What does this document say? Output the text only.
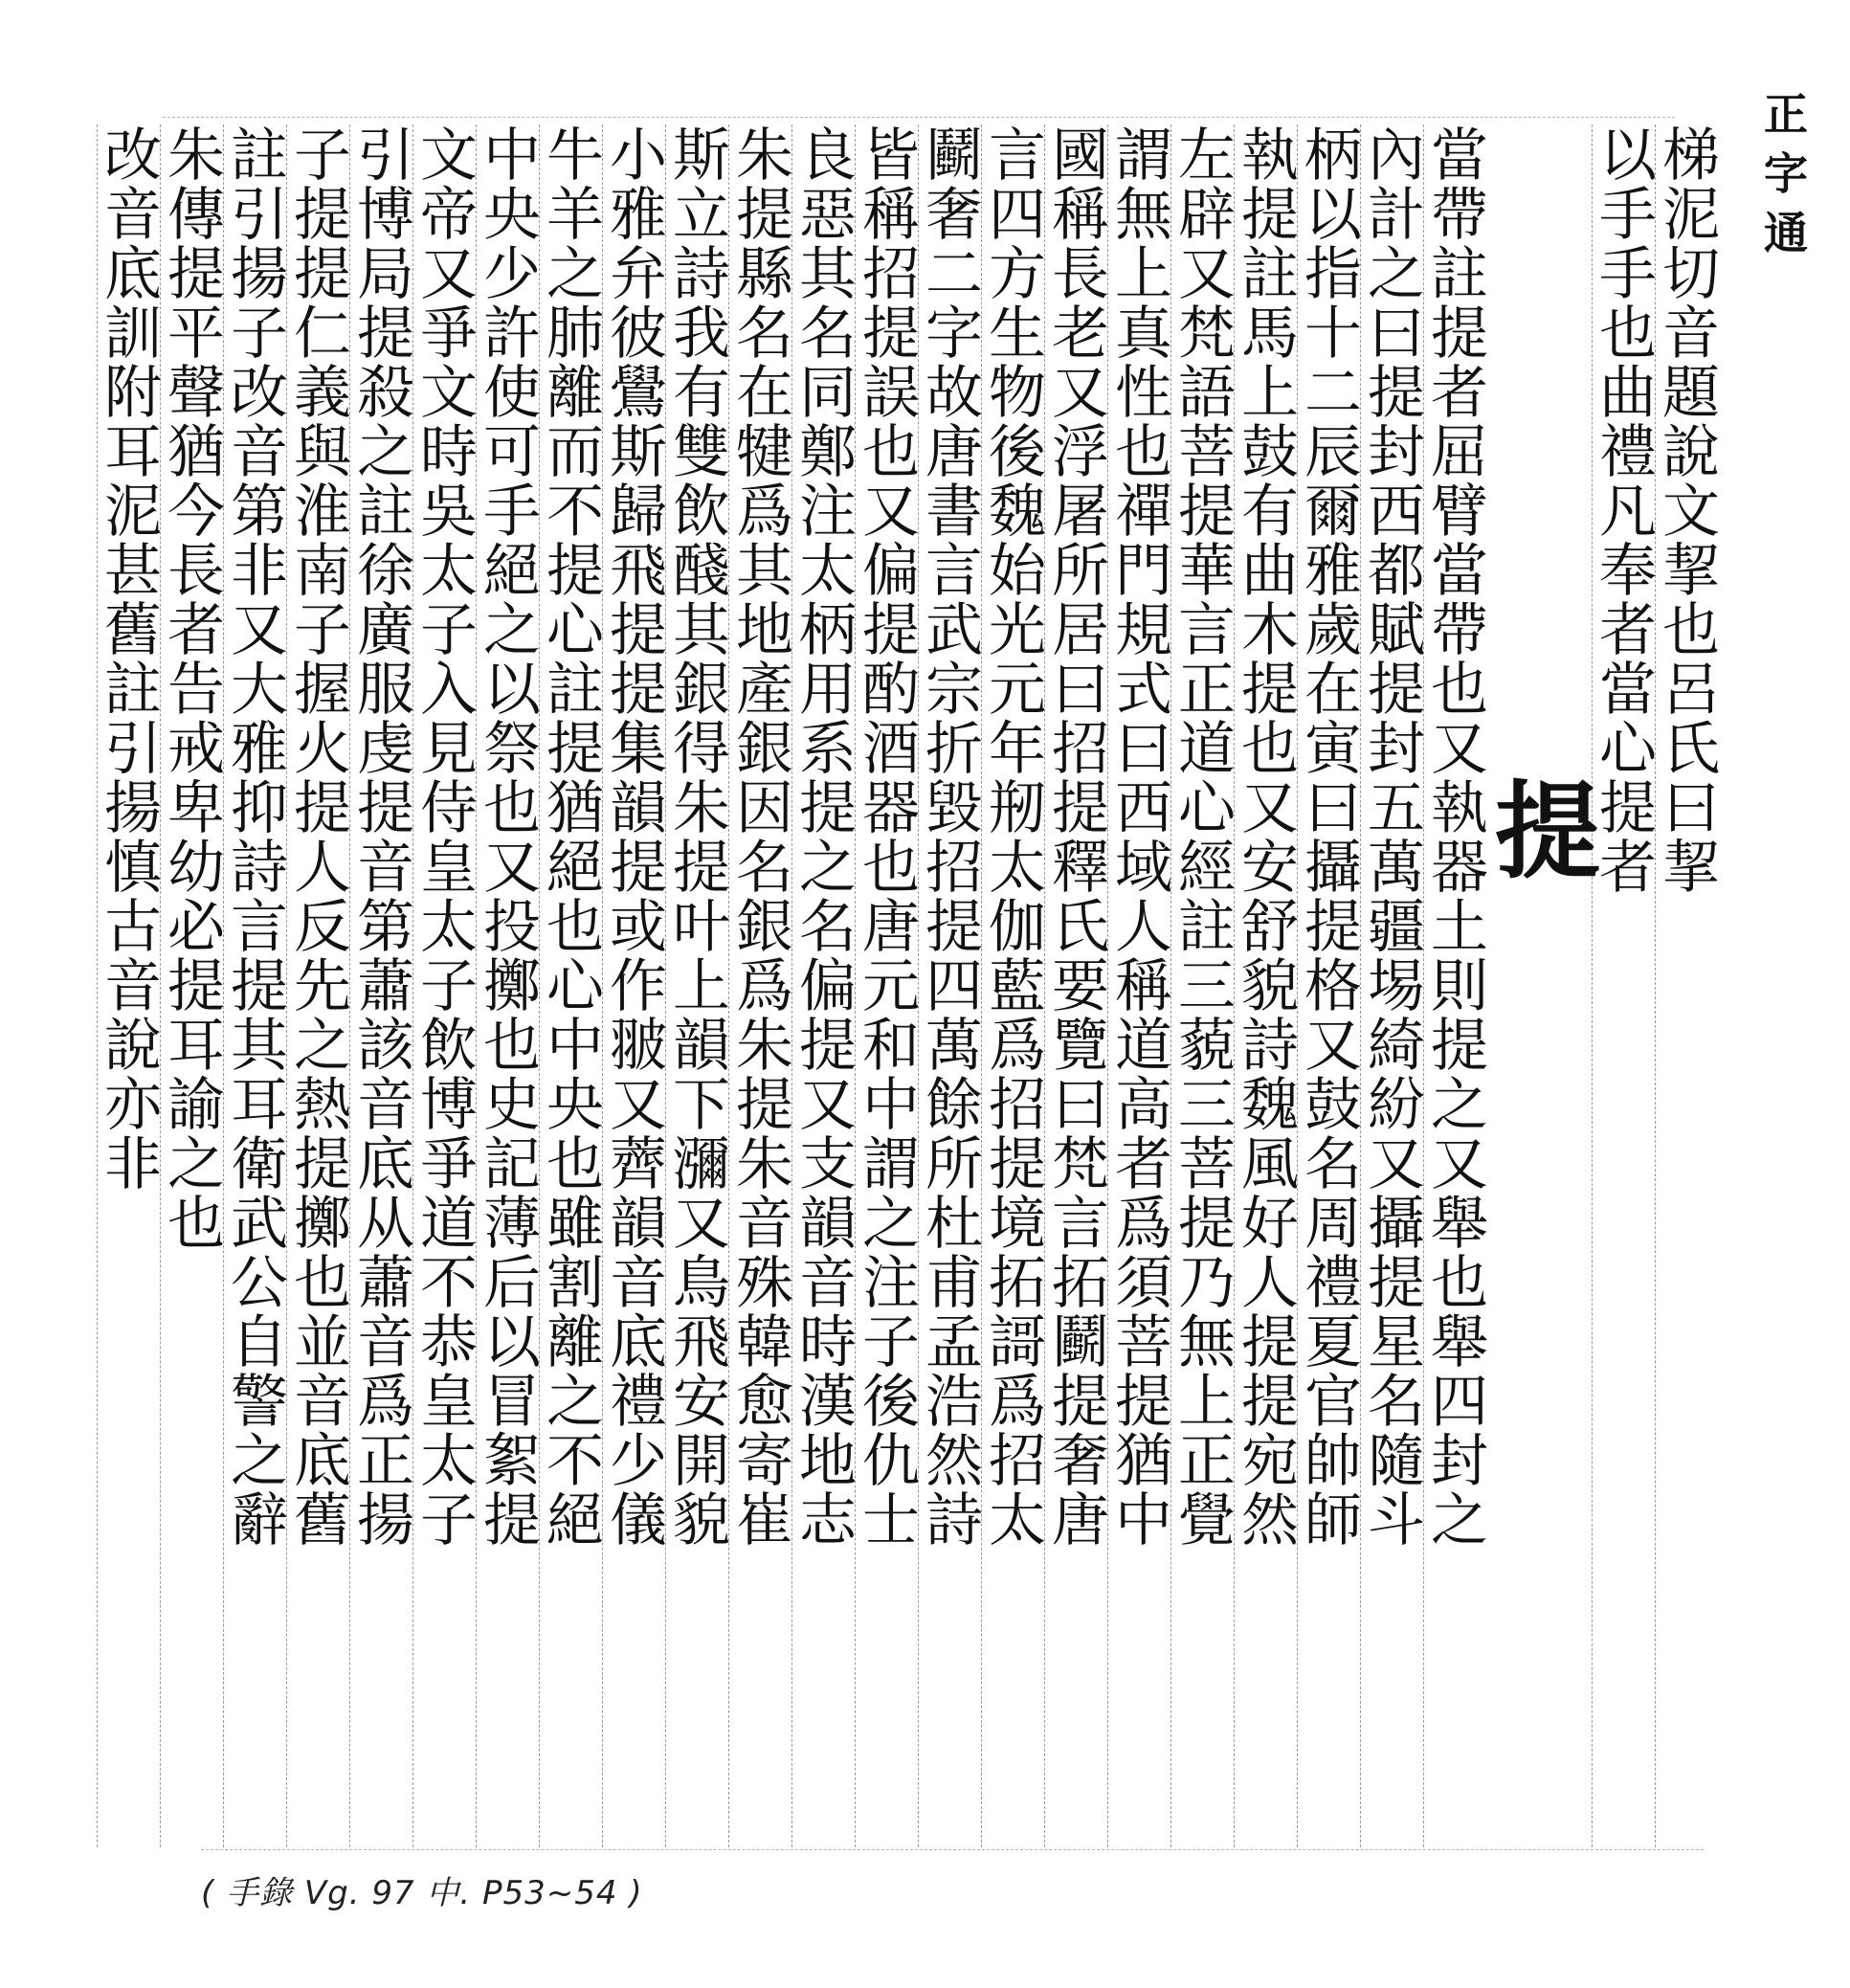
正字通
梯泥切音題說文挈也呂氏曰挈
以手手也曲禮凡奉者當心提者
提
當帶註提者屈臂當帶也又執器土則提之又舉也舉四封之
內計之曰提封西都賦提封五萬疆埸綺紛又攝提星名隨斗
柄以指十二辰爾雅歲在寅曰攝提格又鼓名周禮夏官帥師
執提註馬上鼓有曲木提也又安舒貌詩魏風好人提提宛然
左辟又梵語菩提華言正道心經註三藐三菩提乃無上正覺
謂無上真性也禪門規式曰西域人稱道高者爲須菩提猶中
國稱長老又浮屠所居曰招提釋氏要覽曰梵言拓鬬提奢唐
言四方生物後魏始光元年剏太伽藍爲招提境拓謌爲招太
鬬奢二字故唐書言武宗折毀招提四萬餘所杜甫孟浩然詩
皆稱招提誤也又偏提酌酒器也唐元和中謂之注子後仇士
良惡其名同鄭注太柄用系提之名偏提又支韻音時漢地志
朱提縣名在犍爲其地產銀因名銀爲朱提朱音殊韓愈寄崔
斯立詩我有雙飲醆其銀得朱提叶上韻下瀰又鳥飛安開貌
小雅弁彼鷽斯歸飛提提集韻提或作翍又薺韻音底禮少儀
牛羊之肺離而不提心註提猶絕也心中央也雖割離之不絕
中央少許使可手絕之以祭也又投擲也史記薄后以冒絮提
文帝又爭文時吳太子入見侍皇太子飲博爭道不恭皇太子
引博局提殺之註徐廣服虔提音第蕭該音底从蕭音爲正揚
子提提仁義與淮南子握火提人反先之熱提擲也並音底舊
註引揚子改音第非又大雅抑詩言提其耳衛武公自警之辭
朱傳提平聲猶今長者告戒卑幼必提耳諭之也
改音底訓附耳泥甚舊註引揚慎古音說亦非
( 手錄 Vg. 97 中. P53~54 )
